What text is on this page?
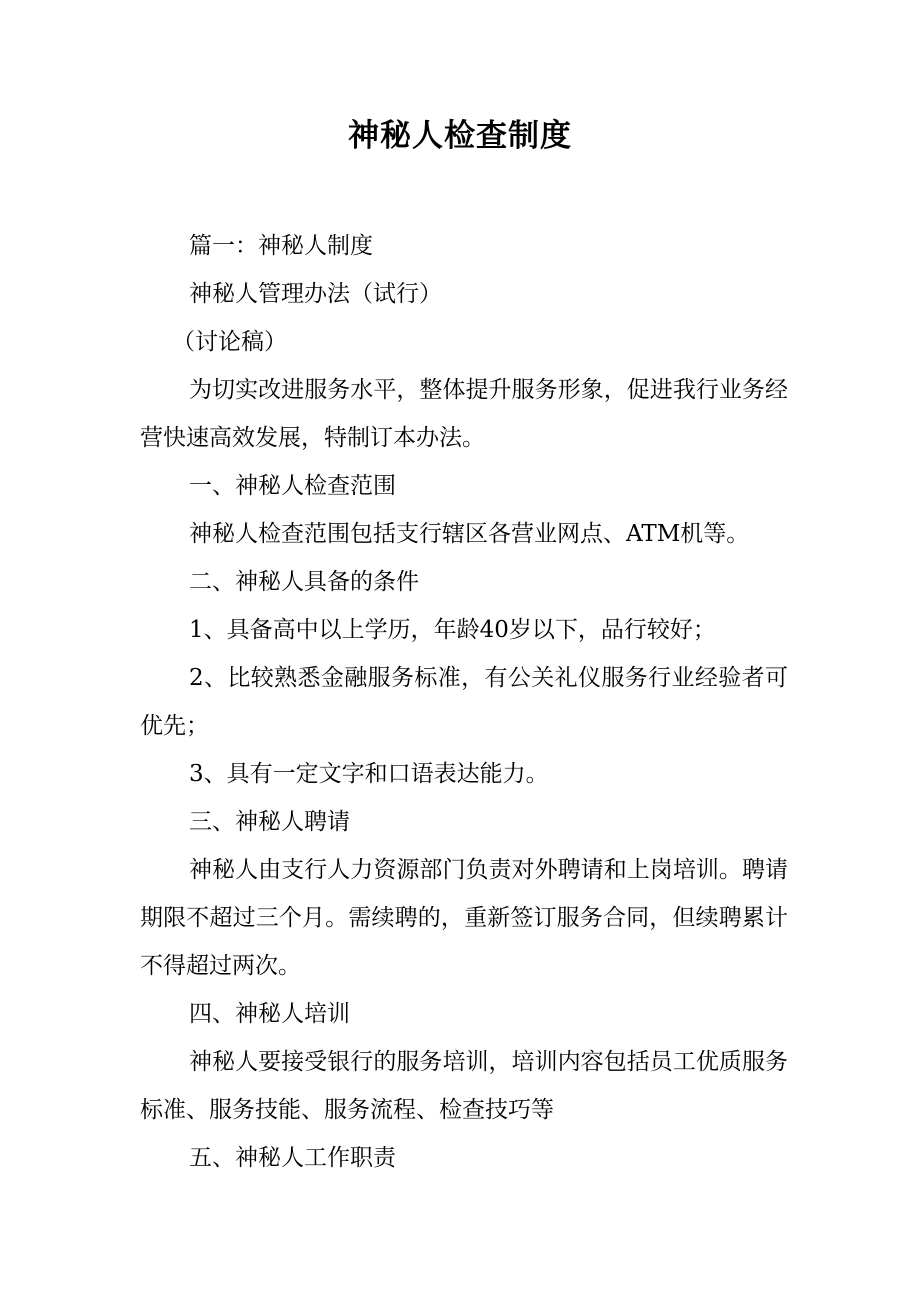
神秘人检查制度

篇一：神秘人制度

神秘人管理办法（试行）

（讨论稿）

为切实改进服务水平，整体提升服务形象，促进我行业务经营快速高效发展，特制订本办法。

一、神秘人检查范围

神秘人检查范围包括支行辖区各营业网点、ATM机等。

二、神秘人具备的条件

1、具备高中以上学历，年龄40岁以下，品行较好；

2、比较熟悉金融服务标准，有公关礼仪服务行业经验者可优先；

3、具有一定文字和口语表达能力。

三、神秘人聘请

神秘人由支行人力资源部门负责对外聘请和上岗培训。聘请期限不超过三个月。需续聘的，重新签订服务合同，但续聘累计不得超过两次。

四、神秘人培训

神秘人要接受银行的服务培训，培训内容包括员工优质服务标准、服务技能、服务流程、检查技巧等

五、神秘人工作职责
